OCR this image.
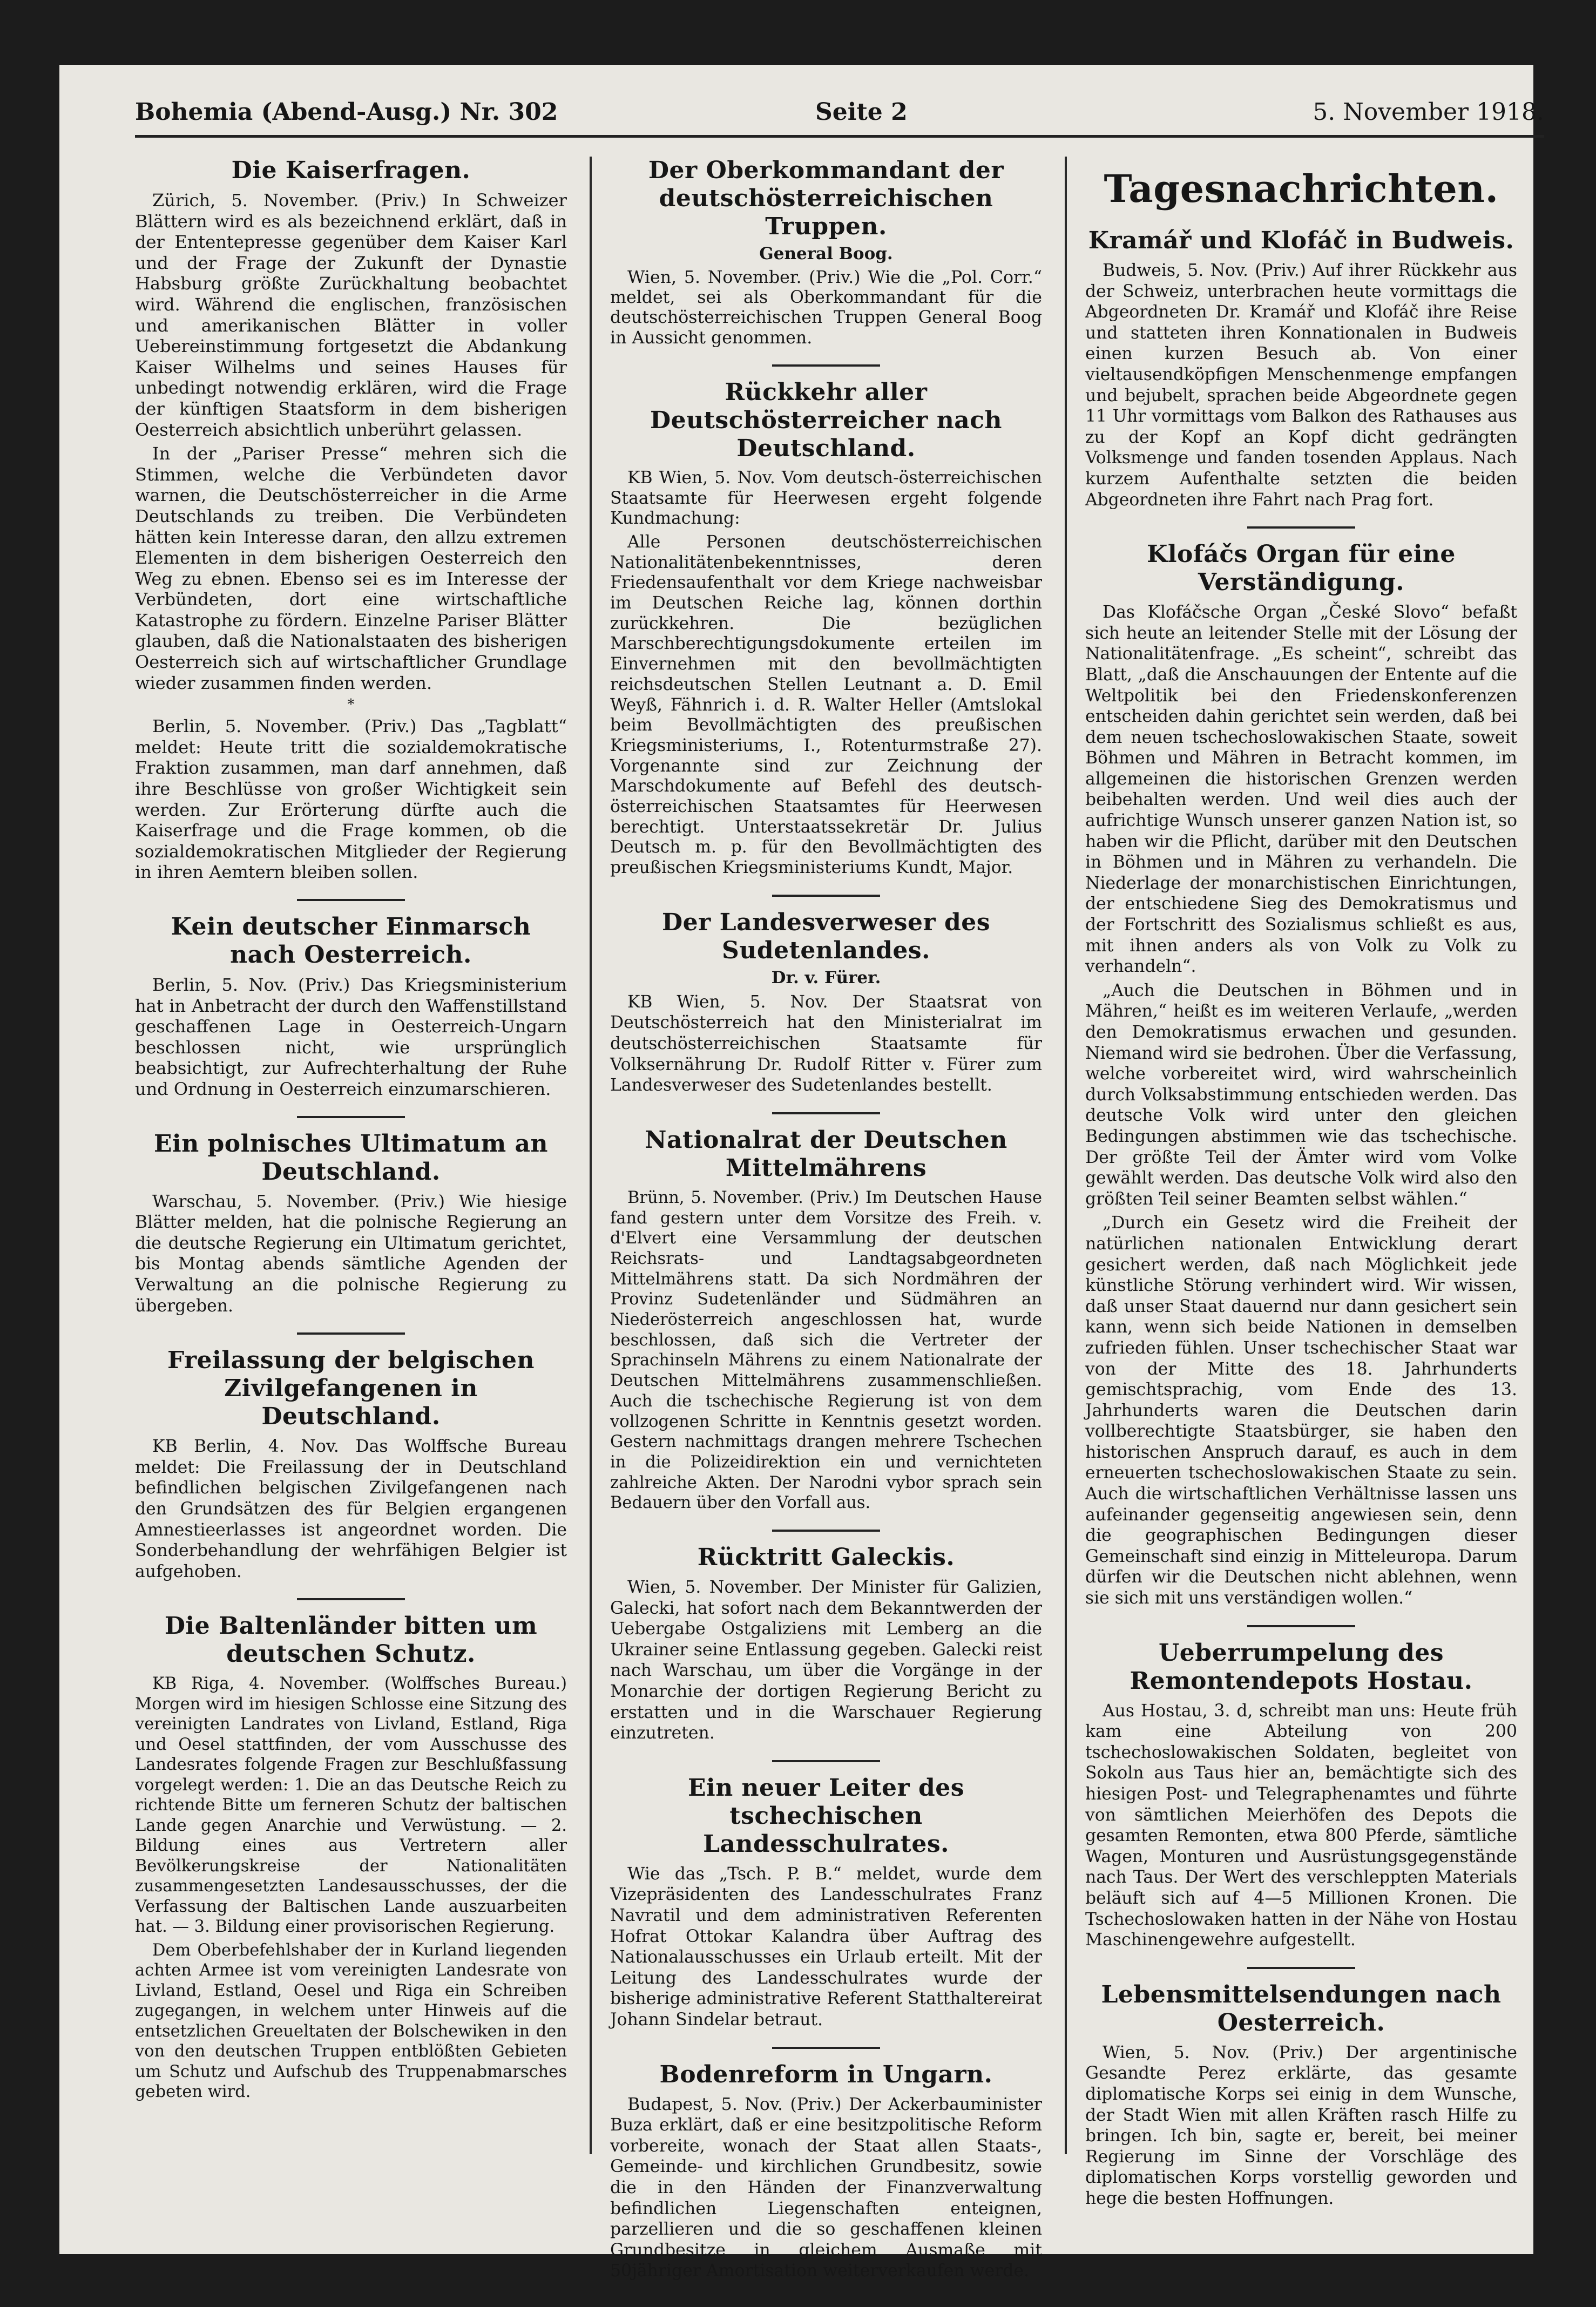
Bohemia (Abend-Ausg.) Nr. 302	Seite 2	5. November 1918.
Die Kaiserfragen.

Zürich, 5. November. (Priv.) In Schweizer Blättern wird es als bezeichnend erklärt, daß in der Ententepresse gegenüber dem Kaiser Karl und der Frage der Zukunft der Dynastie Habsburg größte Zurückhaltung beobachtet wird. Während die englischen, französischen und amerikanischen Blätter in voller Uebereinstimmung fortgesetzt die Abdankung Kaiser Wilhelms und seines Hauses für unbedingt notwendig erklären, wird die Frage der künftigen Staatsform in dem bisherigen Oesterreich absichtlich unberührt gelassen.

In der „Pariser Presse“ mehren sich die Stimmen, welche die Verbündeten davor warnen, die Deutschösterreicher in die Arme Deutschlands zu treiben. Die Verbündeten hätten kein Interesse daran, den allzu extremen Elementen in dem bisherigen Oesterreich den Weg zu ebnen. Ebenso sei es im Interesse der Verbündeten, dort eine wirtschaftliche Katastrophe zu fördern. Einzelne Pariser Blätter glauben, daß die Nationalstaaten des bisherigen Oesterreich sich auf wirtschaftlicher Grundlage wieder zusammen finden werden.

*

Berlin, 5. November. (Priv.) Das „Tagblatt“ meldet: Heute tritt die sozialdemokratische Fraktion zusammen, man darf annehmen, daß ihre Beschlüsse von großer Wichtigkeit sein werden. Zur Erörterung dürfte auch die Kaiserfrage und die Frage kommen, ob die sozialdemokratischen Mitglieder der Regierung in ihren Aemtern bleiben sollen.

Kein deutscher Einmarsch nach Oesterreich.

Berlin, 5. Nov. (Priv.) Das Kriegsministerium hat in Anbetracht der durch den Waffenstillstand geschaffenen Lage in Oesterreich-Ungarn beschlossen nicht, wie ursprünglich beabsichtigt, zur Aufrechterhaltung der Ruhe und Ordnung in Oesterreich einzumarschieren.

Ein polnisches Ultimatum an Deutschland.

Warschau, 5. November. (Priv.) Wie hiesige Blätter melden, hat die polnische Regierung an die deutsche Regierung ein Ultimatum gerichtet, bis Montag abends sämtliche Agenden der Verwaltung an die polnische Regierung zu übergeben.

Freilassung der belgischen Zivilgefangenen in Deutschland.

KB Berlin, 4. Nov. Das Wolffsche Bureau meldet: Die Freilassung der in Deutschland befindlichen belgischen Zivilgefangenen nach den Grundsätzen des für Belgien ergangenen Amnestieerlasses ist angeordnet worden. Die Sonderbehandlung der wehrfähigen Belgier ist aufgehoben.

Die Baltenländer bitten um deutschen Schutz.

KB Riga, 4. November. (Wolffsches Bureau.) Morgen wird im hiesigen Schlosse eine Sitzung des vereinigten Landrates von Livland, Estland, Riga und Oesel stattfinden, der vom Ausschusse des Landesrates folgende Fragen zur Beschlußfassung vorgelegt werden: 1. Die an das Deutsche Reich zu richtende Bitte um ferneren Schutz der baltischen Lande gegen Anarchie und Verwüstung. — 2. Bildung eines aus Vertretern aller Bevölkerungskreise der Nationalitäten zusammengesetzten Landesausschusses, der die Verfassung der Baltischen Lande auszuarbeiten hat. — 3. Bildung einer provisorischen Regierung.

Dem Oberbefehlshaber der in Kurland liegenden achten Armee ist vom vereinigten Landesrate von Livland, Estland, Oesel und Riga ein Schreiben zugegangen, in welchem unter Hinweis auf die entsetzlichen Greueltaten der Bolschewiken in den von den deutschen Truppen entblößten Gebieten um Schutz und Aufschub des Truppenabmarsches gebeten wird.

Der Oberkommandant der deutschösterreichischen Truppen.
General Boog.

Wien, 5. November. (Priv.) Wie die „Pol. Corr.“ meldet, sei als Oberkommandant für die deutschösterreichischen Truppen General Boog in Aussicht genommen.

Rückkehr aller Deutschösterreicher nach Deutschland.

KB Wien, 5. Nov. Vom deutsch-österreichischen Staatsamte für Heerwesen ergeht folgende Kundmachung:

Alle Personen deutschösterreichischen Nationalitätenbekenntnisses, deren Friedensaufenthalt vor dem Kriege nachweisbar im Deutschen Reiche lag, können dorthin zurückkehren. Die bezüglichen Marschberechtigungsdokumente erteilen im Einvernehmen mit den bevollmächtigten reichsdeutschen Stellen Leutnant a. D. Emil Weyß, Fähnrich i. d. R. Walter Heller (Amtslokal beim Bevollmächtigten des preußischen Kriegsministeriums, I., Rotenturmstraße 27). Vorgenannte sind zur Zeichnung der Marschdokumente auf Befehl des deutsch-österreichischen Staatsamtes für Heerwesen berechtigt. Unterstaatssekretär Dr. Julius Deutsch m. p. für den Bevollmächtigten des preußischen Kriegsministeriums Kundt, Major.

Der Landesverweser des Sudetenlandes.
Dr. v. Fürer.

KB Wien, 5. Nov. Der Staatsrat von Deutschösterreich hat den Ministerialrat im deutschösterreichischen Staatsamte für Volksernährung Dr. Rudolf Ritter v. Fürer zum Landesverweser des Sudetenlandes bestellt.

Nationalrat der Deutschen Mittelmährens

Brünn, 5. November. (Priv.) Im Deutschen Hause fand gestern unter dem Vorsitze des Freih. v. d'Elvert eine Versammlung der deutschen Reichsrats- und Landtagsabgeordneten Mittelmährens statt. Da sich Nordmähren der Provinz Sudetenländer und Südmähren an Niederösterreich angeschlossen hat, wurde beschlossen, daß sich die Vertreter der Sprachinseln Mährens zu einem Nationalrate der Deutschen Mittelmährens zusammenschließen. Auch die tschechische Regierung ist von dem vollzogenen Schritte in Kenntnis gesetzt worden. Gestern nachmittags drangen mehrere Tschechen in die Polizeidirektion ein und vernichteten zahlreiche Akten. Der Narodni vybor sprach sein Bedauern über den Vorfall aus.

Rücktritt Galeckis.

Wien, 5. November. Der Minister für Galizien, Galecki, hat sofort nach dem Bekanntwerden der Uebergabe Ostgaliziens mit Lemberg an die Ukrainer seine Entlassung gegeben. Galecki reist nach Warschau, um über die Vorgänge in der Monarchie der dortigen Regierung Bericht zu erstatten und in die Warschauer Regierung einzutreten.

Ein neuer Leiter des tschechischen Landesschulrates.

Wie das „Tsch. P. B.“ meldet, wurde dem Vizepräsidenten des Landesschulrates Franz Navratil und dem administrativen Referenten Hofrat Ottokar Kalandra über Auftrag des Nationalausschusses ein Urlaub erteilt. Mit der Leitung des Landesschulrates wurde der bisherige administrative Referent Statthaltereirat Johann Sindelar betraut.

Bodenreform in Ungarn.

Budapest, 5. Nov. (Priv.) Der Ackerbauminister Buza erklärt, daß er eine besitzpolitische Reform vorbereite, wonach der Staat allen Staats-, Gemeinde- und kirchlichen Grundbesitz, sowie die in den Händen der Finanzverwaltung befindlichen Liegenschaften enteignen, parzellieren und die so geschaffenen kleinen Grundbesitze in gleichem Ausmaße mit 50jähriger Amortisation weiterverkaufen werde.

Tagesnachrichten.
Kramář und Klofáč in Budweis.

Budweis, 5. Nov. (Priv.) Auf ihrer Rückkehr aus der Schweiz, unterbrachen heute vormittags die Abgeordneten Dr. Kramář und Klofáč ihre Reise und statteten ihren Konnationalen in Budweis einen kurzen Besuch ab. Von einer vieltausendköpfigen Menschenmenge empfangen und bejubelt, sprachen beide Abgeordnete gegen 11 Uhr vormittags vom Balkon des Rathauses aus zu der Kopf an Kopf dicht gedrängten Volksmenge und fanden tosenden Applaus. Nach kurzem Aufenthalte setzten die beiden Abgeordneten ihre Fahrt nach Prag fort.

Klofáčs Organ für eine Verständigung.

Das Klofáčsche Organ „České Slovo“ befaßt sich heute an leitender Stelle mit der Lösung der Nationalitätenfrage. „Es scheint“, schreibt das Blatt, „daß die Anschauungen der Entente auf die Weltpolitik bei den Friedenskonferenzen entscheiden dahin gerichtet sein werden, daß bei dem neuen tschechoslowakischen Staate, soweit Böhmen und Mähren in Betracht kommen, im allgemeinen die historischen Grenzen werden beibehalten werden. Und weil dies auch der aufrichtige Wunsch unserer ganzen Nation ist, so haben wir die Pflicht, darüber mit den Deutschen in Böhmen und in Mähren zu verhandeln. Die Niederlage der monarchistischen Einrichtungen, der entschiedene Sieg des Demokratismus und der Fortschritt des Sozialismus schließt es aus, mit ihnen anders als von Volk zu Volk zu verhandeln“.

„Auch die Deutschen in Böhmen und in Mähren,“ heißt es im weiteren Verlaufe, „werden den Demokratismus erwachen und gesunden. Niemand wird sie bedrohen. Über die Verfassung, welche vorbereitet wird, wird wahrscheinlich durch Volksabstimmung entschieden werden. Das deutsche Volk wird unter den gleichen Bedingungen abstimmen wie das tschechische. Der größte Teil der Ämter wird vom Volke gewählt werden. Das deutsche Volk wird also den größten Teil seiner Beamten selbst wählen.“

„Durch ein Gesetz wird die Freiheit der natürlichen nationalen Entwicklung derart gesichert werden, daß nach Möglichkeit jede künstliche Störung verhindert wird. Wir wissen, daß unser Staat dauernd nur dann gesichert sein kann, wenn sich beide Nationen in demselben zufrieden fühlen. Unser tschechischer Staat war von der Mitte des 18. Jahrhunderts gemischtsprachig, vom Ende des 13. Jahrhunderts waren die Deutschen darin vollberechtigte Staatsbürger, sie haben den historischen Anspruch darauf, es auch in dem erneuerten tschechoslowakischen Staate zu sein. Auch die wirtschaftlichen Verhältnisse lassen uns aufeinander gegenseitig angewiesen sein, denn die geographischen Bedingungen dieser Gemeinschaft sind einzig in Mitteleuropa. Darum dürfen wir die Deutschen nicht ablehnen, wenn sie sich mit uns verständigen wollen.“

Ueberrumpelung des Remontendepots Hostau.

Aus Hostau, 3. d, schreibt man uns: Heute früh kam eine Abteilung von 200 tschechoslowakischen Soldaten, begleitet von Sokoln aus Taus hier an, bemächtigte sich des hiesigen Post- und Telegraphenamtes und führte von sämtlichen Meierhöfen des Depots die gesamten Remonten, etwa 800 Pferde, sämtliche Wagen, Monturen und Ausrüstungsgegenstände nach Taus. Der Wert des verschleppten Materials beläuft sich auf 4—5 Millionen Kronen. Die Tschechoslowaken hatten in der Nähe von Hostau Maschinengewehre aufgestellt.

Lebensmittelsendungen nach Oesterreich.

Wien, 5. Nov. (Priv.) Der argentinische Gesandte Perez erklärte, das gesamte diplomatische Korps sei einig in dem Wunsche, der Stadt Wien mit allen Kräften rasch Hilfe zu bringen. Ich bin, sagte er, bereit, bei meiner Regierung im Sinne der Vorschläge des diplomatischen Korps vorstellig geworden und hege die besten Hoffnungen.
